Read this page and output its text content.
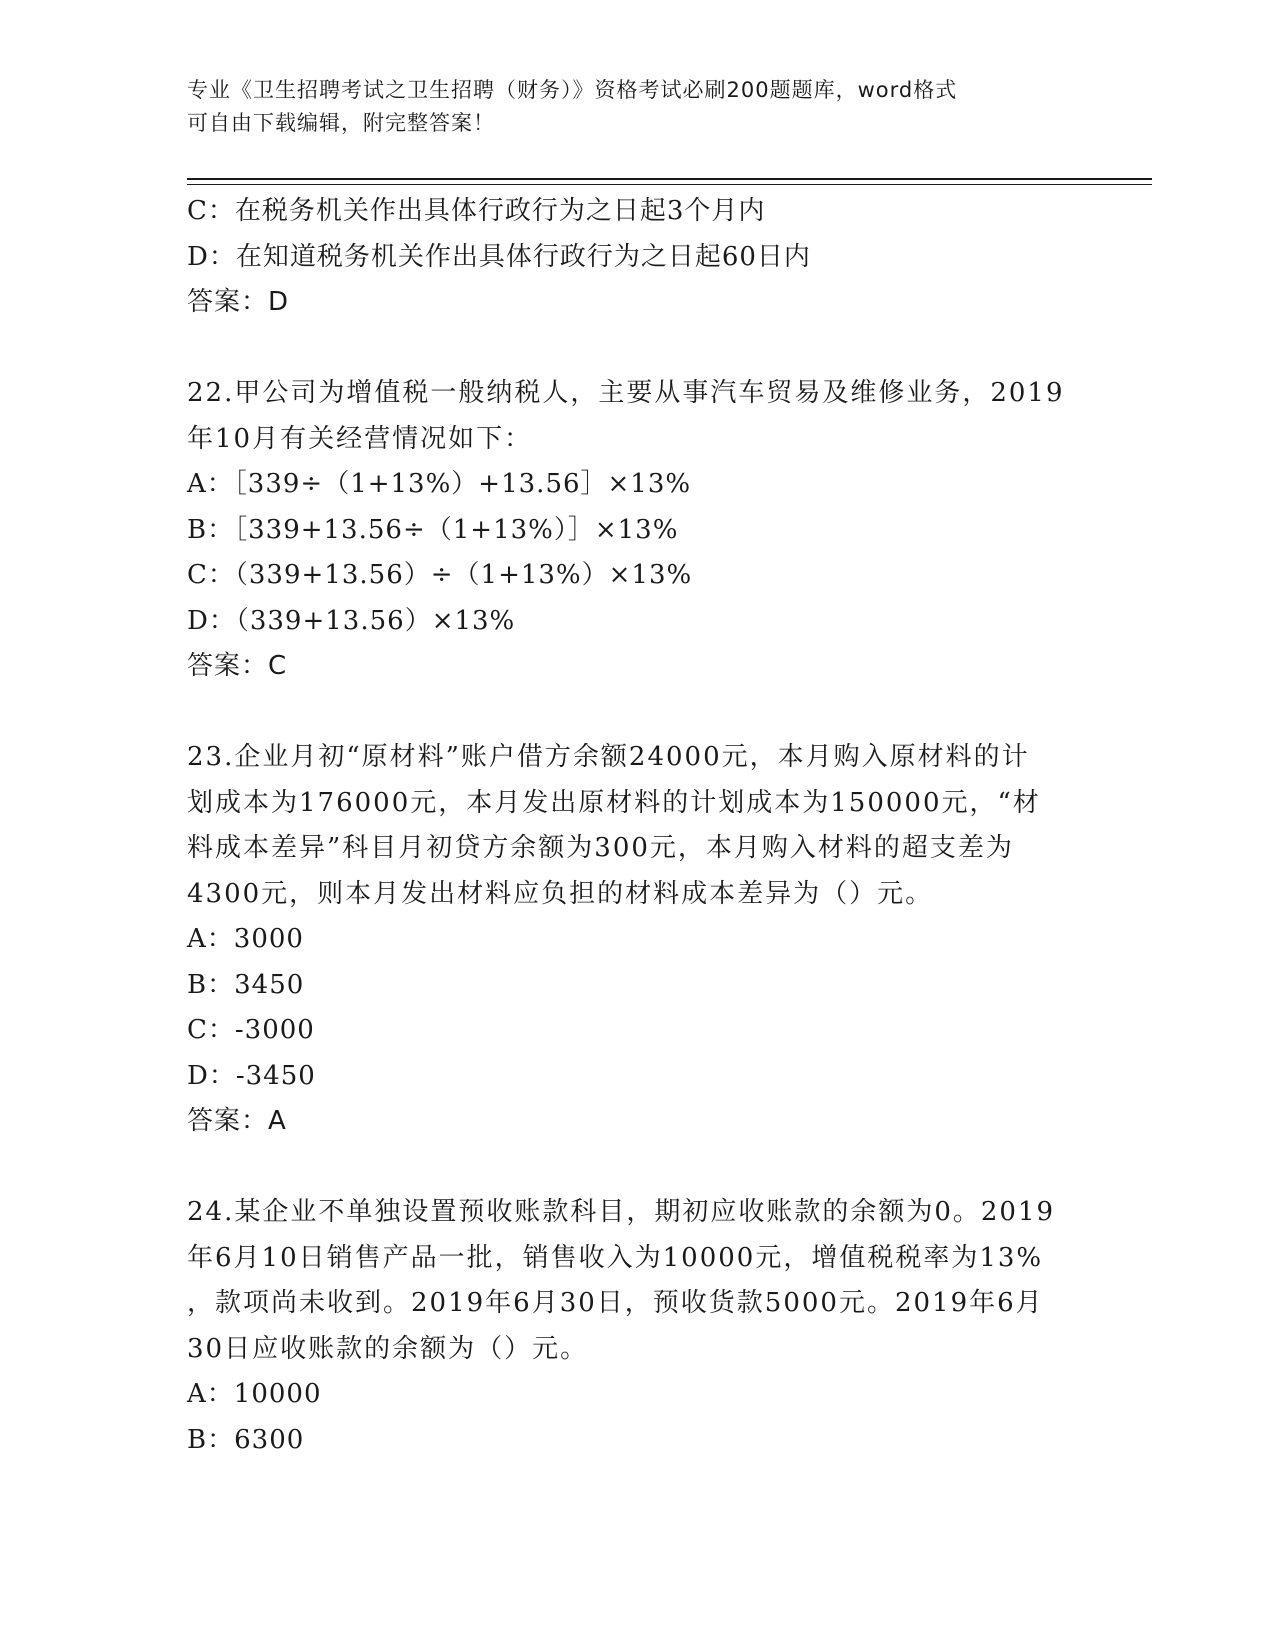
专业《卫生招聘考试之卫生招聘（财务）》资格考试必刷200题题库，word格式
可自由下载编辑，附完整答案！
C：在税务机关作出具体行政行为之日起3个月内
D：在知道税务机关作出具体行政行为之日起60日内
答案：D
22.甲公司为增值税一般纳税人，主要从事汽车贸易及维修业务，2019
年10月有关经营情况如下：
A：［339÷（1+13%）+13.56］×13%
B：［339+13.56÷（1+13%）］×13%
C：（339+13.56）÷（1+13%）×13%
D：（339+13.56）×13%
答案：C
23.企业月初“原材料”账户借方余额24000元，本月购入原材料的计
划成本为176000元，本月发出原材料的计划成本为150000元，“材
料成本差异”科目月初贷方余额为300元，本月购入材料的超支差为
4300元，则本月发出材料应负担的材料成本差异为（）元。
A：3000
B：3450
C：-3000
D：-3450
答案：A
24.某企业不单独设置预收账款科目，期初应收账款的余额为0。2019
年6月10日销售产品一批，销售收入为10000元，增值税税率为13%
，款项尚未收到。2019年6月30日，预收货款5000元。2019年6月
30日应收账款的余额为（）元。
A：10000
B：6300
